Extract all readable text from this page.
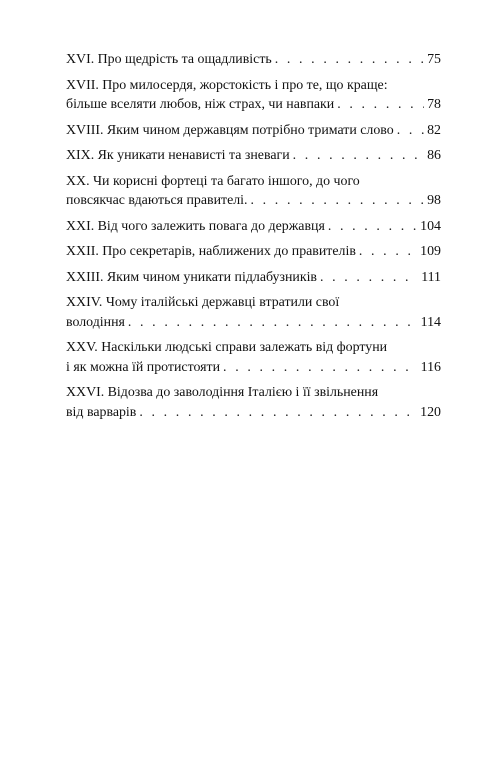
XVI. Про щедрість та ощадливість . . .	75
XVII. Про милосердя, жорстокість і про те, що краще:
більше вселяти любов, ніж страх, чи навпаки . . .	78
XVIII. Яким чином державцям потрібно тримати слово . . . 82
XIX. Як уникати ненависті та зневаги . . .	86
XX. Чи корисні фортеці та багато іншого, до чого
повсякчас вдаються правителі. . . .	98
XXI. Від чого залежить повага до державця . . .	104
XXII. Про секретарів, наближених до правителів . . .	109
XXIII. Яким чином уникати підлабузників . . .	111
XXIV. Чому італійські державці втратили свої
володіння . . .	114
XXV. Наскільки людські справи залежать від фортуни
і як можна їй протистояти . . .	116
XXVI. Відозва до заволодіння Італією і її звільнення
від варварів . . .	120
